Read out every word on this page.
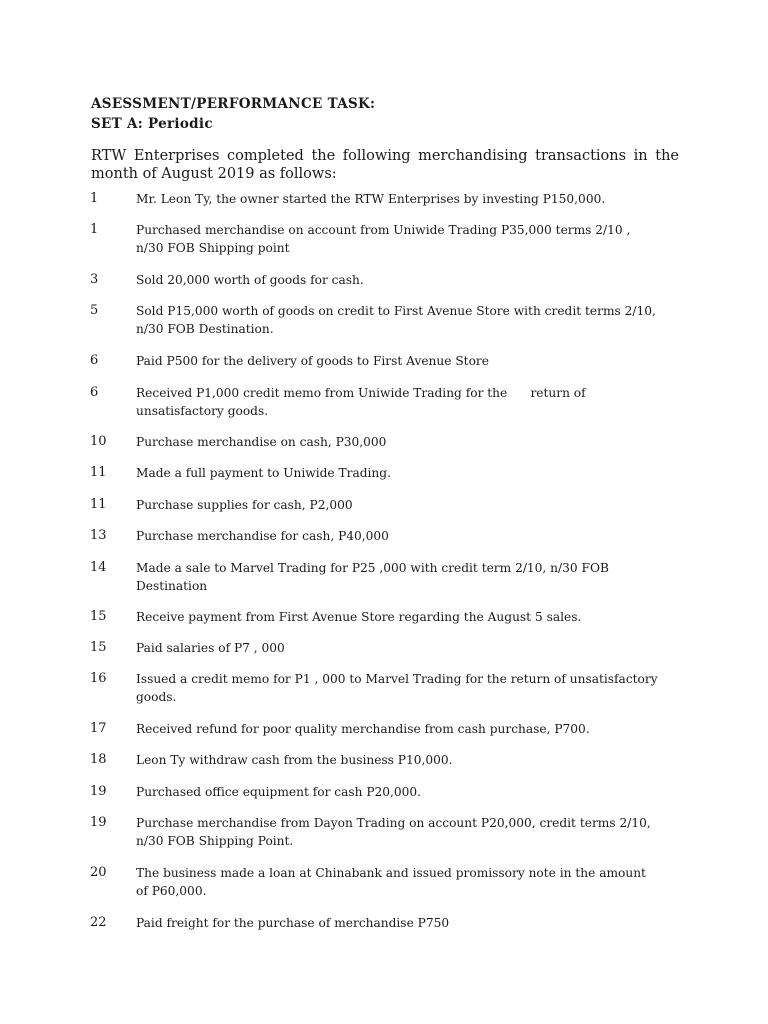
ASESSMENT/PERFORMANCE TASK:
SET A: Periodic
RTW Enterprises completed the following merchandising transactions in the month of August 2019 as follows:
1	Mr. Leon Ty, the owner started the RTW Enterprises by investing P150,000.
1	Purchased merchandise on account from Uniwide Trading P35,000 terms 2/10 ,
n/30 FOB Shipping point
3	Sold 20,000 worth of goods for cash.
5	Sold P15,000 worth of goods on credit to First Avenue Store with credit terms 2/10,
n/30 FOB Destination.
6	Paid P500 for the delivery of goods to First Avenue Store
6	Received P1,000 credit memo from Uniwide Trading for the      return of
unsatisfactory goods.
10	Purchase merchandise on cash, P30,000
11	Made a full payment to Uniwide Trading.
11	Purchase supplies for cash, P2,000
13	Purchase merchandise for cash, P40,000
14	Made a sale to Marvel Trading for P25 ,000 with credit term 2/10, n/30 FOB
Destination
15	Receive payment from First Avenue Store regarding the August 5 sales.
15	Paid salaries of P7 , 000
16	Issued a credit memo for P1 , 000 to Marvel Trading for the return of unsatisfactory
goods.
17	Received refund for poor quality merchandise from cash purchase, P700.
18	Leon Ty withdraw cash from the business P10,000.
19	Purchased office equipment for cash P20,000.
19	Purchase merchandise from Dayon Trading on account P20,000, credit terms 2/10,
n/30 FOB Shipping Point.
20	The business made a loan at Chinabank and issued promissory note in the amount
of P60,000.
22	Paid freight for the purchase of merchandise P750
